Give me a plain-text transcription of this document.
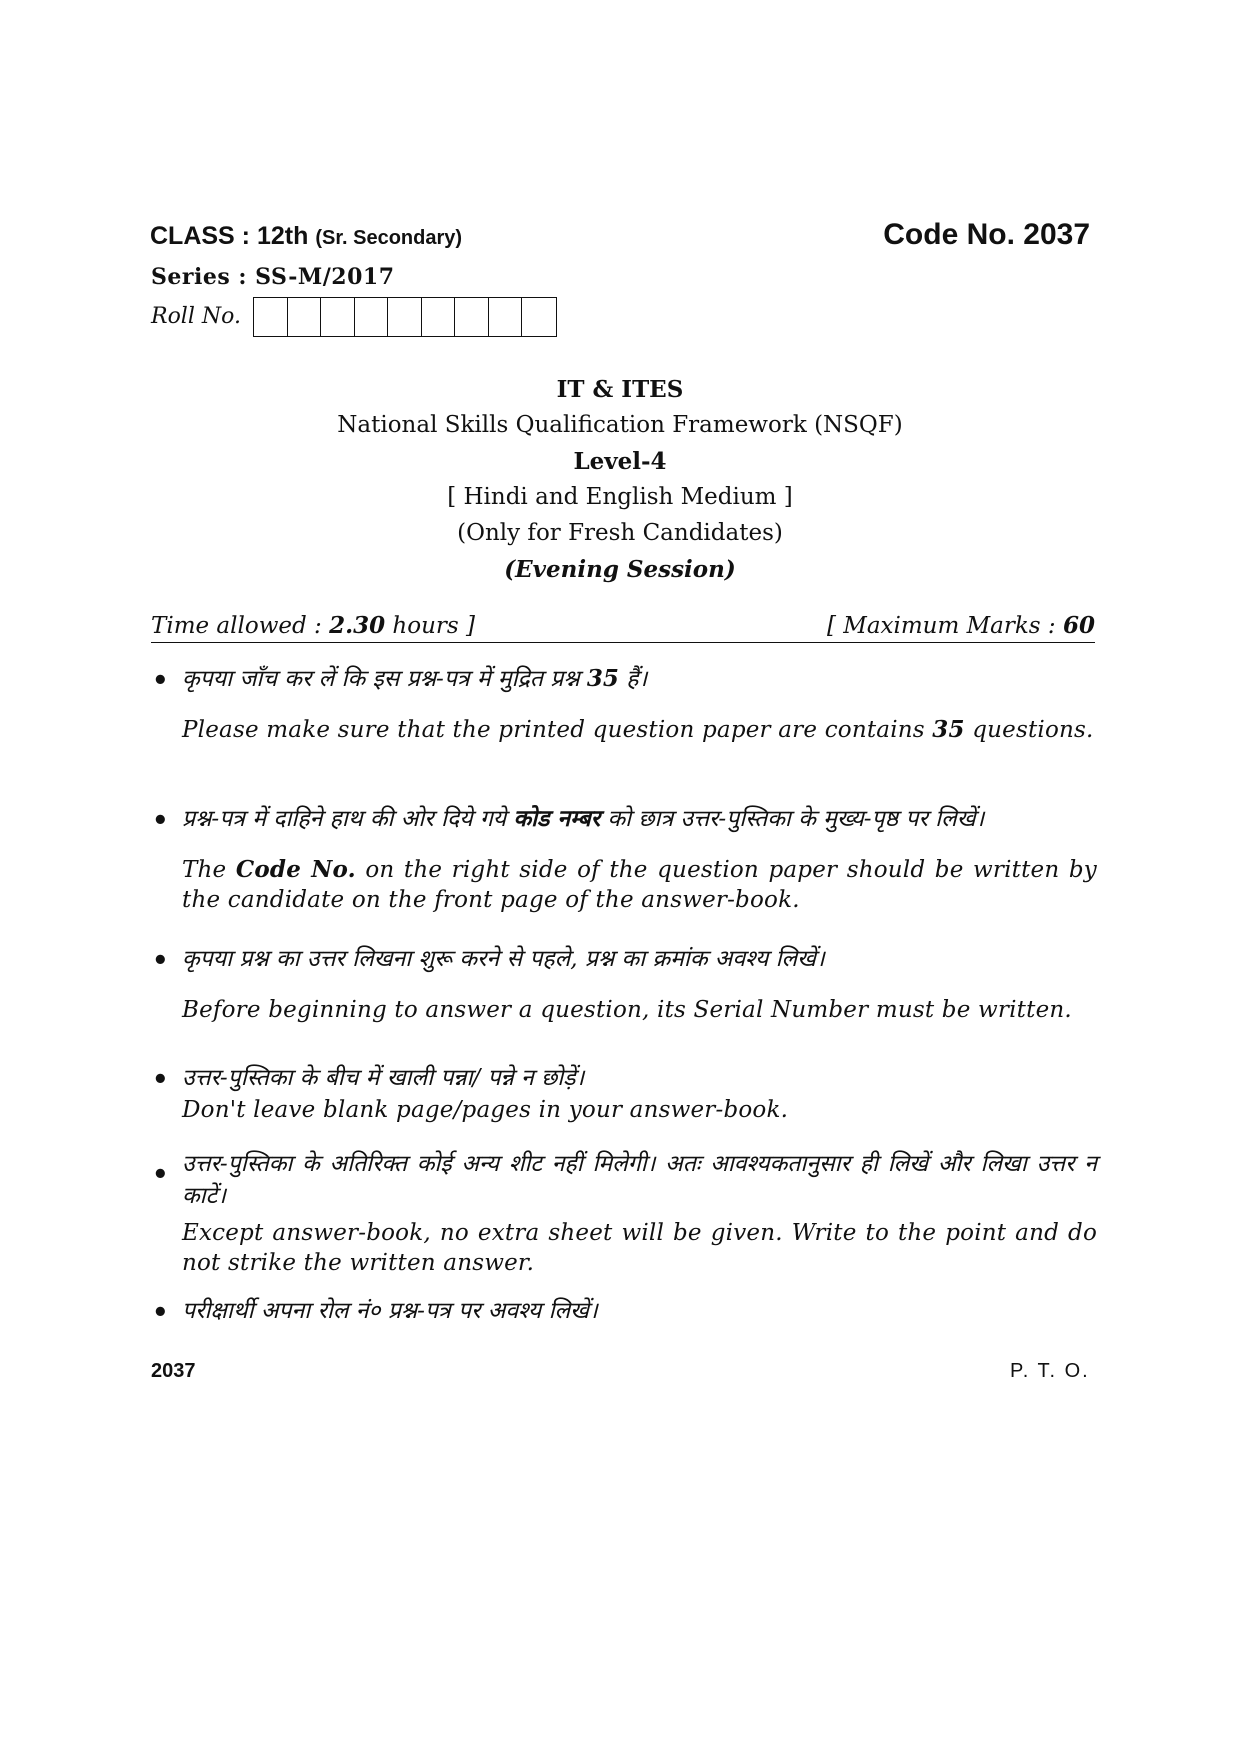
CLASS : 12th (Sr. Secondary)	Code No. 2037
Series : SS-M/2017
Roll No.
IT & ITES
National Skills Qualification Framework (NSQF)
Level-4
[ Hindi and English Medium ]
(Only for Fresh Candidates)
(Evening Session)
Time allowed : 2.30 hours ]	[ Maximum Marks : 60
• कृपया जाँच कर लें कि इस प्रश्न-पत्र में मुद्रित प्रश्न 35 हैं।
Please make sure that the printed question paper are contains 35 questions.
• प्रश्न-पत्र में दाहिने हाथ की ओर दिये गये कोड नम्बर को छात्र उत्तर-पुस्तिका के मुख्य-पृष्ठ पर लिखें।
The Code No. on the right side of the question paper should be written by the candidate on the front page of the answer-book.
• कृपया प्रश्न का उत्तर लिखना शुरू करने से पहले, प्रश्न का क्रमांक अवश्य लिखें।
Before beginning to answer a question, its Serial Number must be written.
• उत्तर-पुस्तिका के बीच में खाली पन्ना/ पन्ने न छोड़ें।
Don't leave blank page/pages in your answer-book.
• उत्तर-पुस्तिका के अतिरिक्त कोई अन्य शीट नहीं मिलेगी। अतः आवश्यकतानुसार ही लिखें और लिखा उत्तर न काटें।
Except answer-book, no extra sheet will be given. Write to the point and do not strike the written answer.
• परीक्षार्थी अपना रोल नं० प्रश्न-पत्र पर अवश्य लिखें।
2037	P. T. O.
